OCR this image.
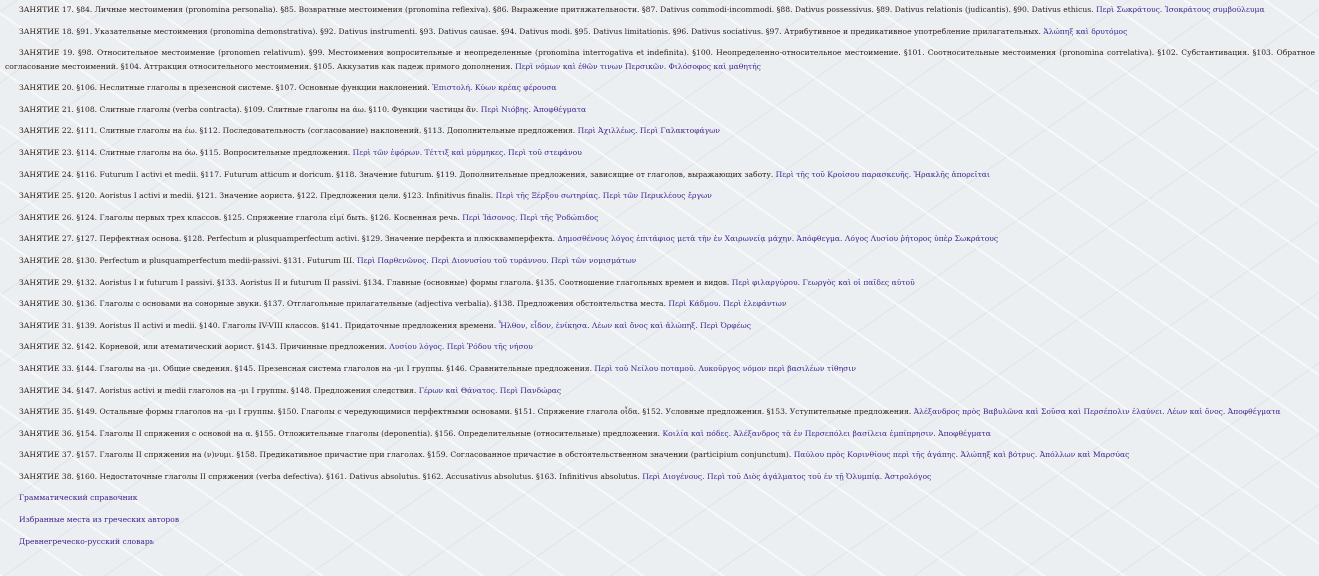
ЗАНЯТИЕ 17. §84. Личные местоимения (pronomina personalia). §85. Возвратные местоимения (pronomina reflexiva). §86. Выражение притяжательности. §87. Dativus commodi-incommodi. §88. Dativus possessivus. §89. Dativus relationis (judicantis). §90. Dativus ethicus. Περὶ Σωκράτους. Ἰσοκράτους συμβούλευμα

ЗАНЯТИЕ 18. §91. Указательные местоимения (pronomina demonstrativa). §92. Dativus instrumenti. §93. Dativus causae. §94. Dativus modi. §95. Dativus limitationis. §96. Dativus sociativus. §97. Атрибутивное и предикативное употребление прилагательных. Ἀλώπηξ καὶ δρυτόμος

ЗАНЯТИЕ 19. §98. Относительное местоимение (pronomen relativum). §99. Местоимения вопросительные и неопределенные (pronomina interrogativa et indefinita). §100. Неопределенно-относительное местоимение. §101. Соотносительные местоимения (pronomina correlativa). §102. Субстантивация. §103. Обратное согласование местоимений. §104. Аттракция относительного местоимения. §105. Аккузатив как падеж прямого дополнения. Περὶ νόμων καὶ ἐθῶν τινων Περσικῶν. Φιλόσοφος καὶ μαθητής

ЗАНЯТИЕ 20. §106. Неслитные глаголы в презенсной системе. §107. Основные функции наклонений. Ἐπιστολή. Κύων κρέας φέρουσα

ЗАНЯТИЕ 21. §108. Слитные глаголы (verba contracta). §109. Слитные глаголы на άω. §110. Функции частицы ἄν. Περὶ Νιόβης. Ἀποφθέγματα

ЗАНЯТИЕ 22. §111. Слитные глаголы на έω. §112. Последовательность (согласование) наклонений. §113. Дополнительные предложения. Περὶ Ἀχιλλέως. Περὶ Γαλακτοφάγων

ЗАНЯТИЕ 23. §114. Слитные глаголы на όω. §115. Вопросительные предложения. Περὶ τῶν ἐφόρων. Τέττιξ καὶ μύρμηκες. Περὶ τοῦ στεφάνου

ЗАНЯТИЕ 24. §116. Futurum I activi et medii. §117. Futurum atticum и doricum. §118. Значение futurum. §119. Дополнительные предложения, зависящие от глаголов, выражающих заботу. Περὶ τῆς τοῦ Κροίσου παρασκευῆς. Ἡρακλῆς ἀπορεῖται

ЗАНЯТИЕ 25. §120. Aoristus I activi и medii. §121. Значение аориста. §122. Предложения цели. §123. Infinitivus finalis. Περὶ τῆς Ξέρξου σωτηρίας. Περὶ τῶν Περικλέους ἔργων

ЗАНЯТИЕ 26. §124. Глаголы первых трех классов. §125. Спряжение глагола εἰμί быть. §126. Косвенная речь. Περὶ Ἰάσονος. Περὶ τῆς Ῥοδώπιδος

ЗАНЯТИЕ 27. §127. Перфектная основа. §128. Perfectum и plusquamperfectum activi. §129. Значение перфекта и плюсквамперфекта. Δημοσθένους λόγος ἐπιτάφιος μετὰ τὴν ἐν Χαιρωνείᾳ μάχην. Ἀπόφθεγμα. Λόγος Λυσίου ῥήτορος ὑπὲρ Σωκράτους

ЗАНЯТИЕ 28. §130. Perfectum и plusquamperfectum medii-passivi. §131. Futurum III. Περὶ Παρθενῶνος. Περὶ Διονυσίου τοῦ τυράννου. Περὶ τῶν νομισμάτων

ЗАНЯТИЕ 29. §132. Aoristus I и futurum I passivi. §133. Aoristus II и futurum II passivi. §134. Главные (основные) формы глагола. §135. Соотношение глагольных времен и видов. Περὶ φιλαργύρου. Γεωργὸς καὶ οἱ παῖδες αὐτοῦ

ЗАНЯТИЕ 30. §136. Глаголы с основами на сонорные звуки. §137. Отглагольные прилагательные (adjectiva verbalia). §138. Предложения обстоятельства места. Περὶ Κάδμου. Περὶ ἐλεφάντων

ЗАНЯТИЕ 31. §139. Aoristus II activi и medii. §140. Глаголы IV-VIII классов. §141. Придаточные предложения времени. Ἦλθον, εἶδον, ἐνίκησα. Λέων καὶ ὄνος καὶ ἀλώπηξ. Περὶ Ὀρφέως

ЗАНЯТИЕ 32. §142. Корневой, или атематический аорист. §143. Причинные предложения. Λυσίου λόγος. Περὶ Ῥόδου τῆς νήσου

ЗАНЯТИЕ 33. §144. Глаголы на -μι. Общие сведения. §145. Презенсная система глаголов на -μι I группы. §146. Сравнительные предложения. Περὶ τοῦ Νείλου ποταμοῦ. Λυκοῦργος νόμον περὶ βασιλέων τίθησιν

ЗАНЯТИЕ 34. §147. Aoristus activi и medii глаголов на -μι I группы. §148. Предложения следствия. Γέρων καὶ Θάνατος. Περὶ Πανδώρας

ЗАНЯТИЕ 35. §149. Остальные формы глаголов на -μι I группы. §150. Глаголы с чередующимися перфектными основами. §151. Спряжение глагола οἶδα. §152. Условные предложения. §153. Уступительные предложения. Ἀλέξανδρος πρὸς Βαβυλῶνα καὶ Σοῦσα καὶ Περσέπολιν ἐλαύνει. Λέων καὶ ὄνος. Ἀποφθέγματα

ЗАНЯТИЕ 36. §154. Глаголы II спряжения с основой на α. §155. Отложительные глаголы (deponentia). §156. Определительные (относительные) предложения. Κοιλία καὶ πόδες. Ἀλέξανδρος τὰ ἐν Περσεπόλει βασίλεια ἐμπίπρησιν. Ἀποφθέγματα

ЗАНЯТИЕ 37. §157. Глаголы II спряжения на (ν)νυμι. §158. Предикативное причастие при глаголах. §159. Согласованное причастие в обстоятельственном значении (participium conjunctum). Παύλου πρὸς Κορινθίους περὶ τῆς ἀγάπης. Ἀλώπηξ καὶ βότρυς. Ἀπόλλων καὶ Μαρσύας

ЗАНЯТИЕ 38. §160. Недостаточные глаголы II спряжения (verba defectiva). §161. Dativus absolutus. §162. Accusativus absolutus. §163. Infinitivus absolutus. Περὶ Διογένους. Περὶ τοῦ Διὸς ἀγάλματος τοῦ ἐν τῇ Ὀλυμπίᾳ. Ἀστρολόγος

Грамматический справочник
Избранные места из греческих авторов
Древнегреческо-русский словарь
